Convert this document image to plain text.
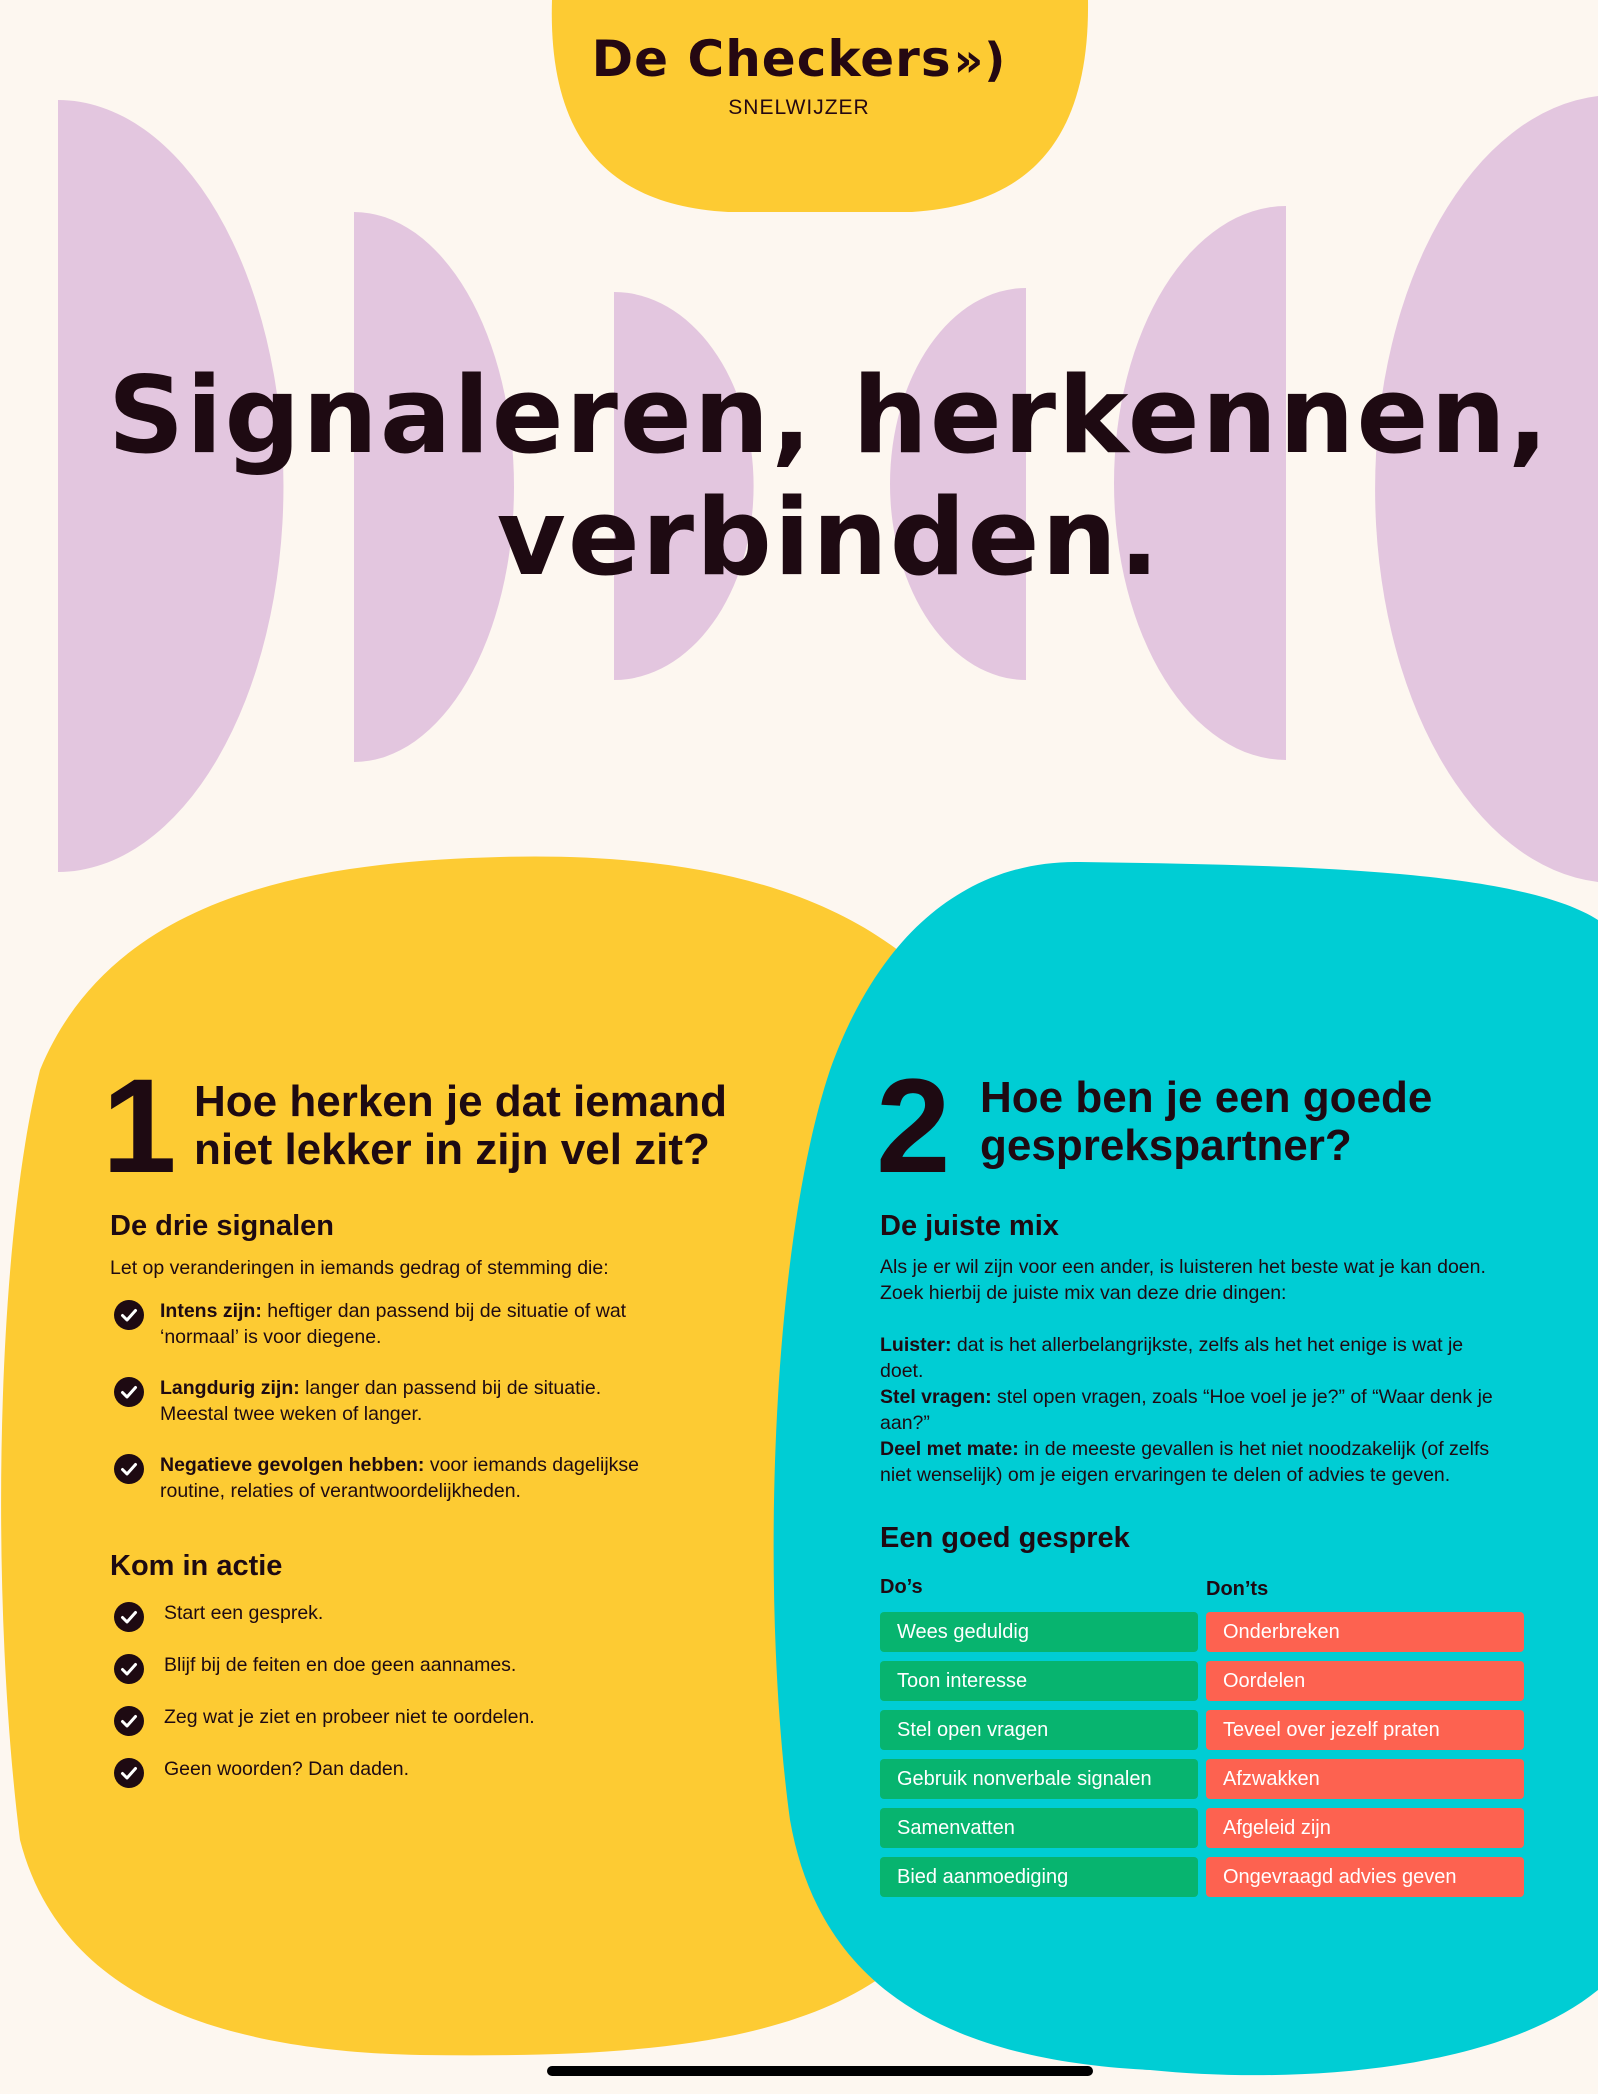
De Checkers»)
SNELWIJZER
Signaleren, herkennen,
verbinden.
1 Hoe herken je dat iemand
niet lekker in zijn vel zit?
De drie signalen

Let op veranderingen in iemands gedrag of stemming die:

Intens zijn: heftiger dan passend bij de situatie of wat
‘normaal’ is voor diegene.
Langdurig zijn: langer dan passend bij de situatie.
Meestal twee weken of langer.
Negatieve gevolgen hebben: voor iemands dagelijkse
routine, relaties of verantwoordelijkheden.
Kom in actie
Start een gesprek.
Blijf bij de feiten en doe geen aannames.
Zeg wat je ziet en probeer niet te oordelen.
Geen woorden? Dan daden.
2 Hoe ben je een goede
gesprekspartner?
De juiste mix

Als je er wil zijn voor een ander, is luisteren het beste wat je kan doen.
Zoek hierbij de juiste mix van deze drie dingen:

Luister: dat is het allerbelangrijkste, zelfs als het het enige is wat je
doet.
Stel vragen: stel open vragen, zoals “Hoe voel je je?” of “Waar denk je
aan?”
Deel met mate: in de meeste gevallen is het niet noodzakelijk (of zelfs
niet wenselijk) om je eigen ervaringen te delen of advies te geven.

Een goed gesprek
Do’s	Don’ts
Wees geduldig
Toon interesse
Stel open vragen
Gebruik nonverbale signalen
Samenvatten
Bied aanmoediging
Onderbreken
Oordelen
Teveel over jezelf praten
Afzwakken
Afgeleid zijn
Ongevraagd advies geven
